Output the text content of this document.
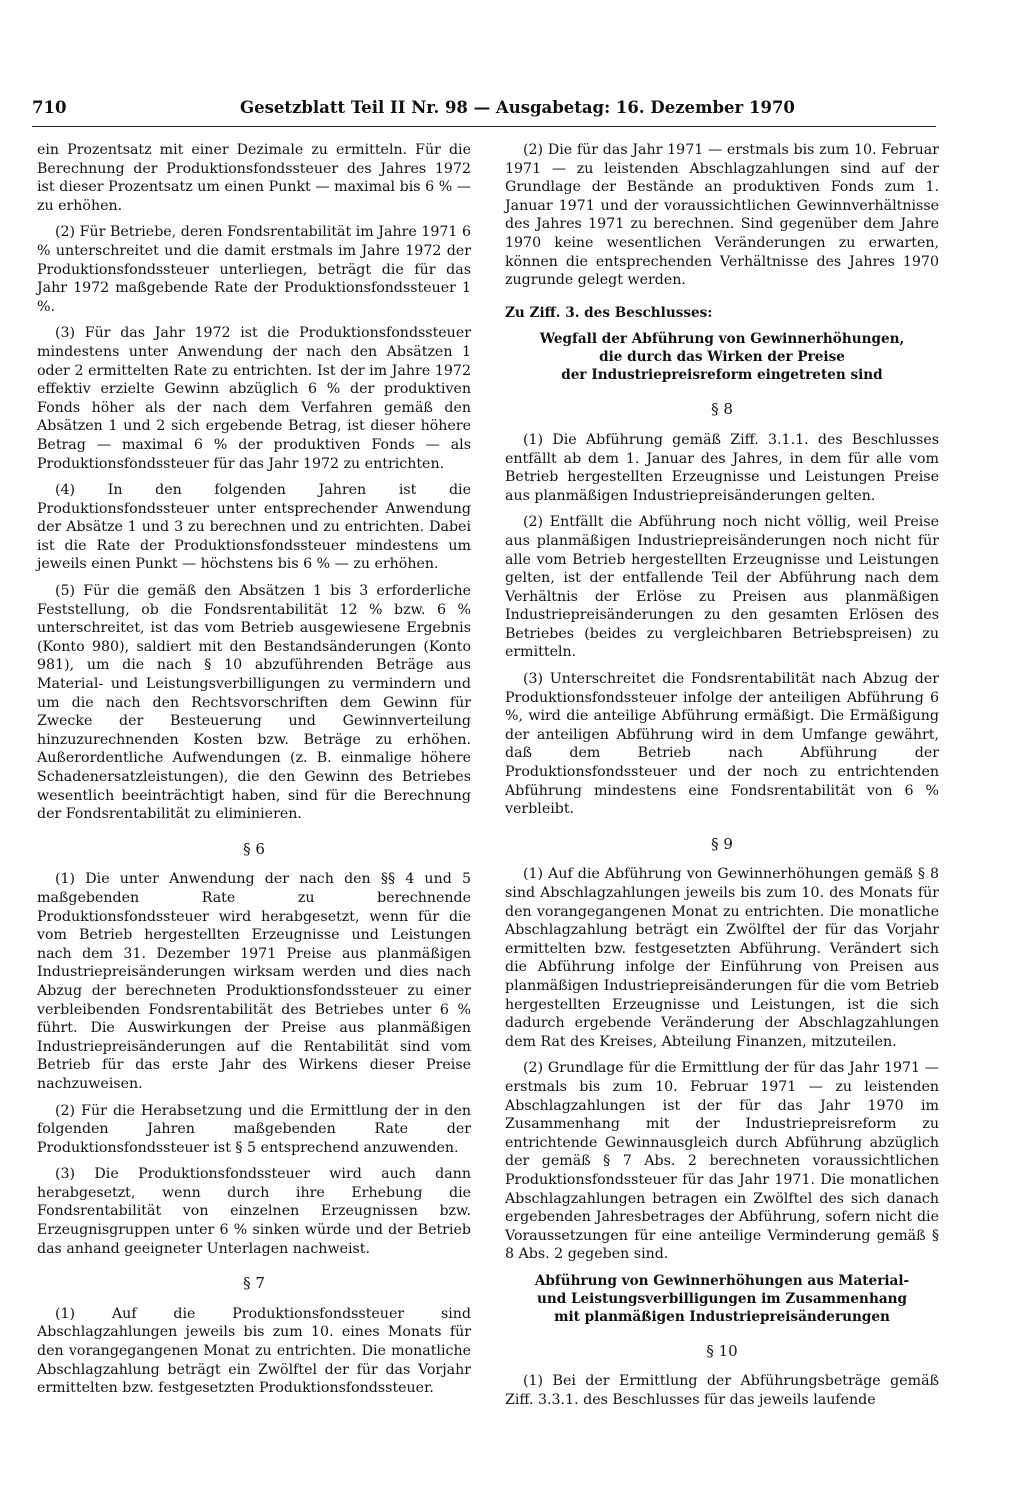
710	Gesetzblatt Teil II Nr. 98 — Ausgabetag: 16. Dezember 1970

ein Prozentsatz mit einer Dezimale zu ermitteln. Für die Berechnung der Produktionsfondssteuer des Jahres 1972 ist dieser Prozentsatz um einen Punkt — maximal bis 6 % — zu erhöhen.

(2) Für Betriebe, deren Fondsrentabilität im Jahre 1971 6 % unterschreitet und die damit erstmals im Jahre 1972 der Produktionsfondssteuer unterliegen, beträgt die für das Jahr 1972 maßgebende Rate der Produktionsfondssteuer 1 %.

(3) Für das Jahr 1972 ist die Produktionsfondssteuer mindestens unter Anwendung der nach den Absätzen 1 oder 2 ermittelten Rate zu entrichten. Ist der im Jahre 1972 effektiv erzielte Gewinn abzüglich 6 % der produktiven Fonds höher als der nach dem Verfahren gemäß den Absätzen 1 und 2 sich ergebende Betrag, ist dieser höhere Betrag — maximal 6 % der produktiven Fonds — als Produktionsfondssteuer für das Jahr 1972 zu entrichten.

(4) In den folgenden Jahren ist die Produktionsfondssteuer unter entsprechender Anwendung der Absätze 1 und 3 zu berechnen und zu entrichten. Dabei ist die Rate der Produktionsfondssteuer mindestens um jeweils einen Punkt — höchstens bis 6 % — zu erhöhen.

(5) Für die gemäß den Absätzen 1 bis 3 erforderliche Feststellung, ob die Fondsrentabilität 12 % bzw. 6 % unterschreitet, ist das vom Betrieb ausgewiesene Ergebnis (Konto 980), saldiert mit den Bestandsänderungen (Konto 981), um die nach § 10 abzuführenden Beträge aus Material- und Leistungsverbilligungen zu vermindern und um die nach den Rechtsvorschriften dem Gewinn für Zwecke der Besteuerung und Gewinnverteilung hinzuzurechnenden Kosten bzw. Beträge zu erhöhen. Außerordentliche Aufwendungen (z. B. einmalige höhere Schadenersatzleistungen), die den Gewinn des Betriebes wesentlich beeinträchtigt haben, sind für die Berechnung der Fondsrentabilität zu eliminieren.

§ 6

(1) Die unter Anwendung der nach den §§ 4 und 5 maßgebenden Rate zu berechnende Produktionsfondssteuer wird herabgesetzt, wenn für die vom Betrieb hergestellten Erzeugnisse und Leistungen nach dem 31. Dezember 1971 Preise aus planmäßigen Industriepreisänderungen wirksam werden und dies nach Abzug der berechneten Produktionsfondssteuer zu einer verbleibenden Fondsrentabilität des Betriebes unter 6 % führt. Die Auswirkungen der Preise aus planmäßigen Industriepreisänderungen auf die Rentabilität sind vom Betrieb für das erste Jahr des Wirkens dieser Preise nachzuweisen.

(2) Für die Herabsetzung und die Ermittlung der in den folgenden Jahren maßgebenden Rate der Produktionsfondssteuer ist § 5 entsprechend anzuwenden.

(3) Die Produktionsfondssteuer wird auch dann herabgesetzt, wenn durch ihre Erhebung die Fondsrentabilität von einzelnen Erzeugnissen bzw. Erzeugnisgruppen unter 6 % sinken würde und der Betrieb das anhand geeigneter Unterlagen nachweist.

§ 7

(1) Auf die Produktionsfondssteuer sind Abschlagzahlungen jeweils bis zum 10. eines Monats für den vorangegangenen Monat zu entrichten. Die monatliche Abschlagzahlung beträgt ein Zwölftel der für das Vorjahr ermittelten bzw. festgesetzten Produktionsfondssteuer.

(2) Die für das Jahr 1971 — erstmals bis zum 10. Februar 1971 — zu leistenden Abschlagzahlungen sind auf der Grundlage der Bestände an produktiven Fonds zum 1. Januar 1971 und der voraussichtlichen Gewinnverhältnisse des Jahres 1971 zu berechnen. Sind gegenüber dem Jahre 1970 keine wesentlichen Veränderungen zu erwarten, können die entsprechenden Verhältnisse des Jahres 1970 zugrunde gelegt werden.

Zu Ziff. 3. des Beschlusses:
Wegfall der Abführung von Gewinnerhöhungen,
die durch das Wirken der Preise
der Industriepreisreform eingetreten sind
§ 8

(1) Die Abführung gemäß Ziff. 3.1.1. des Beschlusses entfällt ab dem 1. Januar des Jahres, in dem für alle vom Betrieb hergestellten Erzeugnisse und Leistungen Preise aus planmäßigen Industriepreisänderungen gelten.

(2) Entfällt die Abführung noch nicht völlig, weil Preise aus planmäßigen Industriepreisänderungen noch nicht für alle vom Betrieb hergestellten Erzeugnisse und Leistungen gelten, ist der entfallende Teil der Abführung nach dem Verhältnis der Erlöse zu Preisen aus planmäßigen Industriepreisänderungen zu den gesamten Erlösen des Betriebes (beides zu vergleichbaren Betriebspreisen) zu ermitteln.

(3) Unterschreitet die Fondsrentabilität nach Abzug der Produktionsfondssteuer infolge der anteiligen Abführung 6 %, wird die anteilige Abführung ermäßigt. Die Ermäßigung der anteiligen Abführung wird in dem Umfange gewährt, daß dem Betrieb nach Abführung der Produktionsfondssteuer und der noch zu entrichtenden Abführung mindestens eine Fondsrentabilität von 6 % verbleibt.

§ 9

(1) Auf die Abführung von Gewinnerhöhungen gemäß § 8 sind Abschlagzahlungen jeweils bis zum 10. des Monats für den vorangegangenen Monat zu entrichten. Die monatliche Abschlagzahlung beträgt ein Zwölftel der für das Vorjahr ermittelten bzw. festgesetzten Abführung. Verändert sich die Abführung infolge der Einführung von Preisen aus planmäßigen Industriepreisänderungen für die vom Betrieb hergestellten Erzeugnisse und Leistungen, ist die sich dadurch ergebende Veränderung der Abschlagzahlungen dem Rat des Kreises, Abteilung Finanzen, mitzuteilen.

(2) Grundlage für die Ermittlung der für das Jahr 1971 — erstmals bis zum 10. Februar 1971 — zu leistenden Abschlagzahlungen ist der für das Jahr 1970 im Zusammenhang mit der Industriepreisreform zu entrichtende Gewinnausgleich durch Abführung abzüglich der gemäß § 7 Abs. 2 berechneten voraussichtlichen Produktionsfondssteuer für das Jahr 1971. Die monatlichen Abschlagzahlungen betragen ein Zwölftel des sich danach ergebenden Jahresbetrages der Abführung, sofern nicht die Voraussetzungen für eine anteilige Verminderung gemäß § 8 Abs. 2 gegeben sind.

Abführung von Gewinnerhöhungen aus Material-
und Leistungsverbilligungen im Zusammenhang
mit planmäßigen Industriepreisänderungen
§ 10

(1) Bei der Ermittlung der Abführungsbeträge gemäß Ziff. 3.3.1. des Beschlusses für das jeweils laufende
